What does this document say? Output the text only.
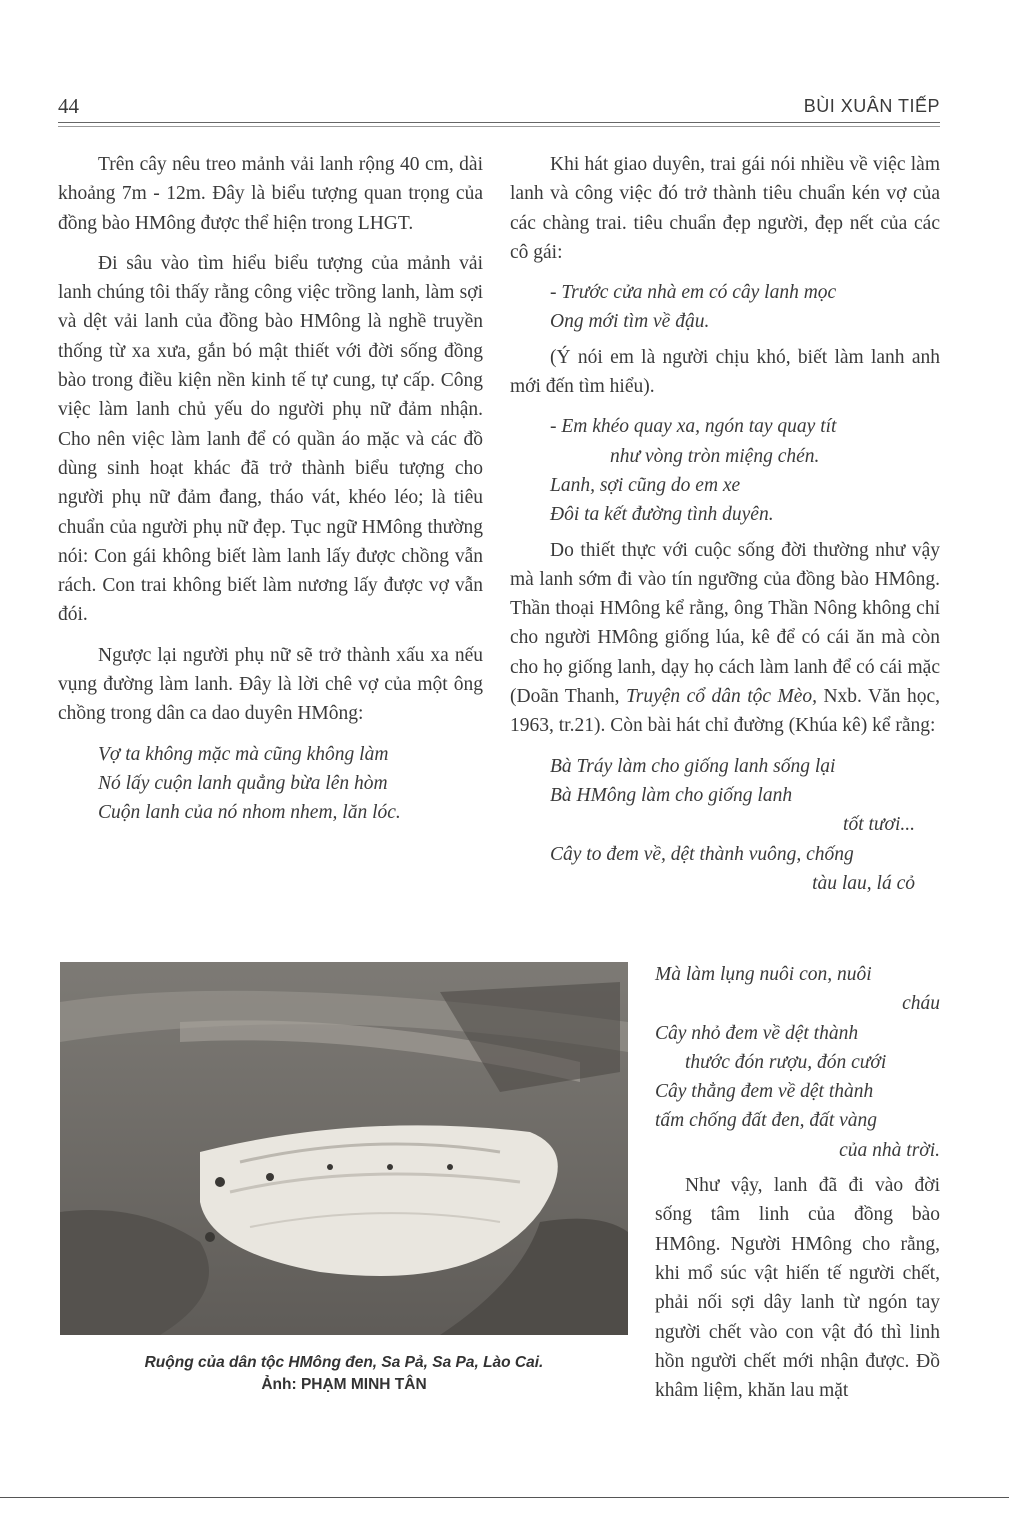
44	BÙI XUÂN TIẾP

Trên cây nêu treo mảnh vải lanh rộng 40 cm, dài khoảng 7m - 12m. Đây là biểu tượng quan trọng của đồng bào HMông được thể hiện trong LHGT.

Đi sâu vào tìm hiểu biểu tượng của mảnh vải lanh chúng tôi thấy rằng công việc trồng lanh, làm sợi và dệt vải lanh của đồng bào HMông là nghề truyền thống từ xa xưa, gắn bó mật thiết với đời sống đồng bào trong điều kiện nền kinh tế tự cung, tự cấp. Công việc làm lanh chủ yếu do người phụ nữ đảm nhận. Cho nên việc làm lanh để có quần áo mặc và các đồ dùng sinh hoạt khác đã trở thành biểu tượng cho người phụ nữ đảm đang, tháo vát, khéo léo; là tiêu chuẩn của người phụ nữ đẹp. Tục ngữ HMông thường nói: Con gái không biết làm lanh lấy được chồng vẫn rách. Con trai không biết làm nương lấy được vợ vẫn đói.

Ngược lại người phụ nữ sẽ trở thành xấu xa nếu vụng đường làm lanh. Đây là lời chê vợ của một ông chồng trong dân ca dao duyên HMông:

Vợ ta không mặc mà cũng không làm
Nó lấy cuộn lanh quẳng bừa lên hòm
Cuộn lanh của nó nhom nhem, lăn lóc.

Khi hát giao duyên, trai gái nói nhiều về việc làm lanh và công việc đó trở thành tiêu chuẩn kén vợ của các chàng trai. tiêu chuẩn đẹp người, đẹp nết của các cô gái:

- Trước cửa nhà em có cây lanh mọc
Ong mới tìm về đậu.

(Ý nói em là người chịu khó, biết làm lanh anh mới đến tìm hiểu).

- Em khéo quay xa, ngón tay quay tít
như vòng tròn miệng chén.
Lanh, sợi cũng do em xe
Đôi ta kết đường tình duyên.

Do thiết thực với cuộc sống đời thường như vậy mà lanh sớm đi vào tín ngưỡng của đồng bào HMông. Thần thoại HMông kể rằng, ông Thần Nông không chỉ cho người HMông giống lúa, kê để có cái ăn mà còn cho họ giống lanh, dạy họ cách làm lanh để có cái mặc (Doãn Thanh, Truyện cổ dân tộc Mèo, Nxb. Văn học, 1963, tr.21). Còn bài hát chỉ đường (Khúa kê) kể rằng:

Bà Tráy làm cho giống lanh sống lại
Bà HMông làm cho giống lanh
tốt tươi...
Cây to đem về, dệt thành vuông, chống
tàu lau, lá cỏ
Mà làm lụng nuôi con, nuôi
cháu
Cây nhỏ đem về dệt thành
thước đón rượu, đón cưới
Cây thẳng đem về dệt thành
tấm chống đất đen, đất vàng
của nhà trời.

Như vậy, lanh đã đi vào đời sống tâm linh của đồng bào HMông. Người HMông cho rằng, khi mổ súc vật hiến tế người chết, phải nối sợi dây lanh từ ngón tay người chết vào con vật đó thì linh hồn người chết mới nhận được. Đồ khâm liệm, khăn lau mặt

Ruộng của dân tộc HMông đen, Sa Pả, Sa Pa, Lào Cai.
Ảnh: PHẠM MINH TÂN
